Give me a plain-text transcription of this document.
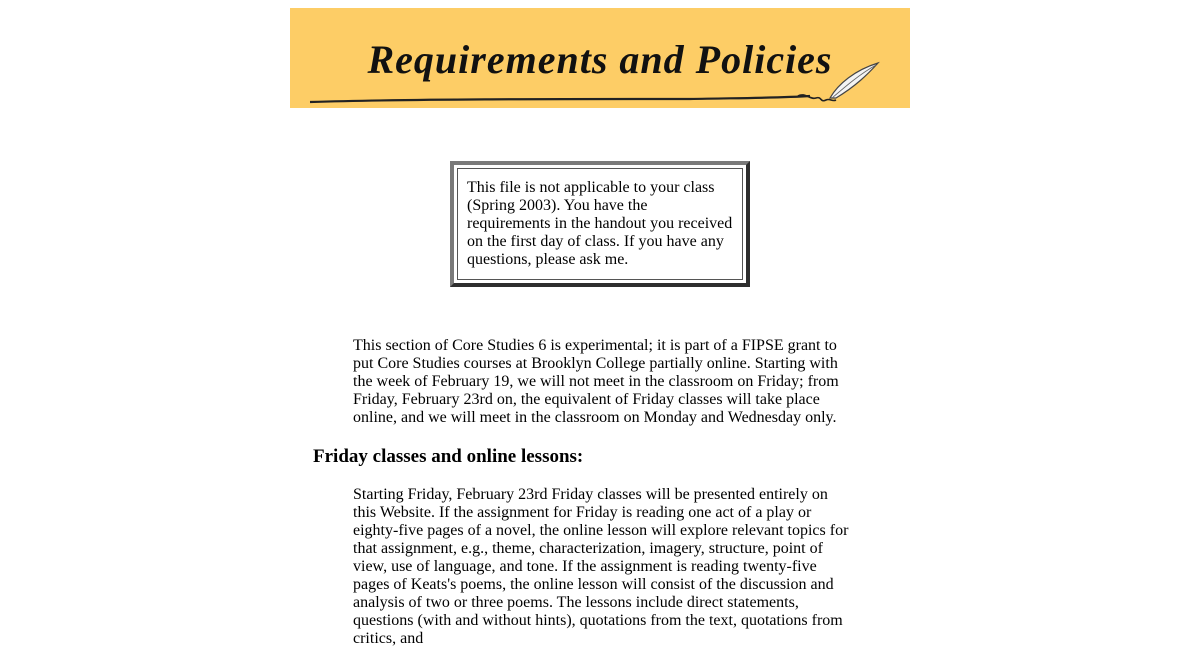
Requirements and Policies
This file is not applicable to your class (Spring 2003). You have the requirements in the handout you received on the first day of class. If you have any questions, please ask me.
This section of Core Studies 6 is experimental; it is part of a FIPSE grant to put Core Studies courses at Brooklyn College partially online. Starting with the week of February 19, we will not meet in the classroom on Friday; from Friday, February 23rd on, the equivalent of Friday classes will take place online, and we will meet in the classroom on Monday and Wednesday only.
Friday classes and online lessons:
Starting Friday, February 23rd Friday classes will be presented entirely on this Website. If the assignment for Friday is reading one act of a play or eighty-five pages of a novel, the online lesson will explore relevant topics for that assignment, e.g., theme, characterization, imagery, structure, point of view, use of language, and tone. If the assignment is reading twenty-five pages of Keats's poems, the online lesson will consist of the discussion and analysis of two or three poems. The lessons include direct statements, questions (with and without hints), quotations from the text, quotations from critics, and
